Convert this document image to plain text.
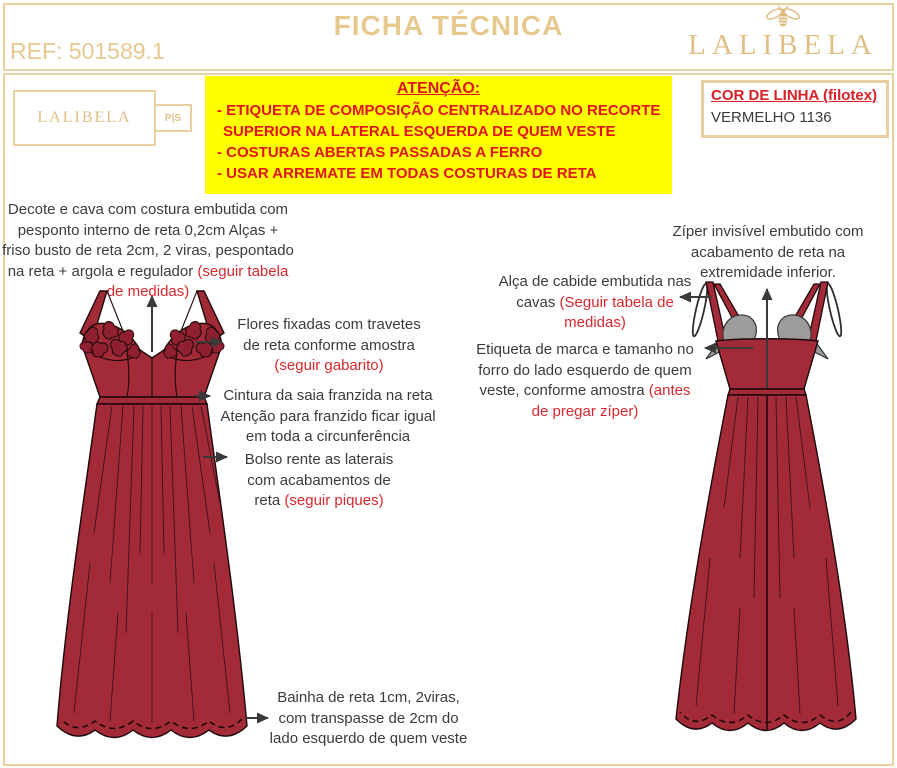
FICHA TÉCNICA
REF: 501589.1	LALIBELA
LALIBELA	P|S
ATENÇÃO:
- ETIQUETA DE COMPOSIÇÃO CENTRALIZADO NO RECORTE SUPERIOR NA LATERAL ESQUERDA DE QUEM VESTE
- COSTURAS ABERTAS PASSADAS A FERRO
- USAR ARREMATE EM TODAS COSTURAS DE RETA
COR DE LINHA (filotex)
VERMELHO 1136
Decote e cava com costura embutida com pesponto interno de reta 0,2cm Alças + friso busto de reta 2cm, 2 viras, pespontado na reta + argola e regulador (seguir tabela de medidas)
Flores fixadas com travetes de reta conforme amostra (seguir gabarito)
Cintura da saia franzida na reta Atenção para franzido ficar igual em toda a circunferência
Bolso rente as laterais com acabamentos de reta (seguir piques)
Bainha de reta 1cm, 2viras, com transpasse de 2cm do lado esquerdo de quem veste
Zíper invisível embutido com acabamento de reta na extremidade inferior.
Alça de cabide embutida nas cavas (Seguir tabela de medidas)
Etiqueta de marca e tamanho no forro do lado esquerdo de quem veste, conforme amostra (antes de pregar zíper)
